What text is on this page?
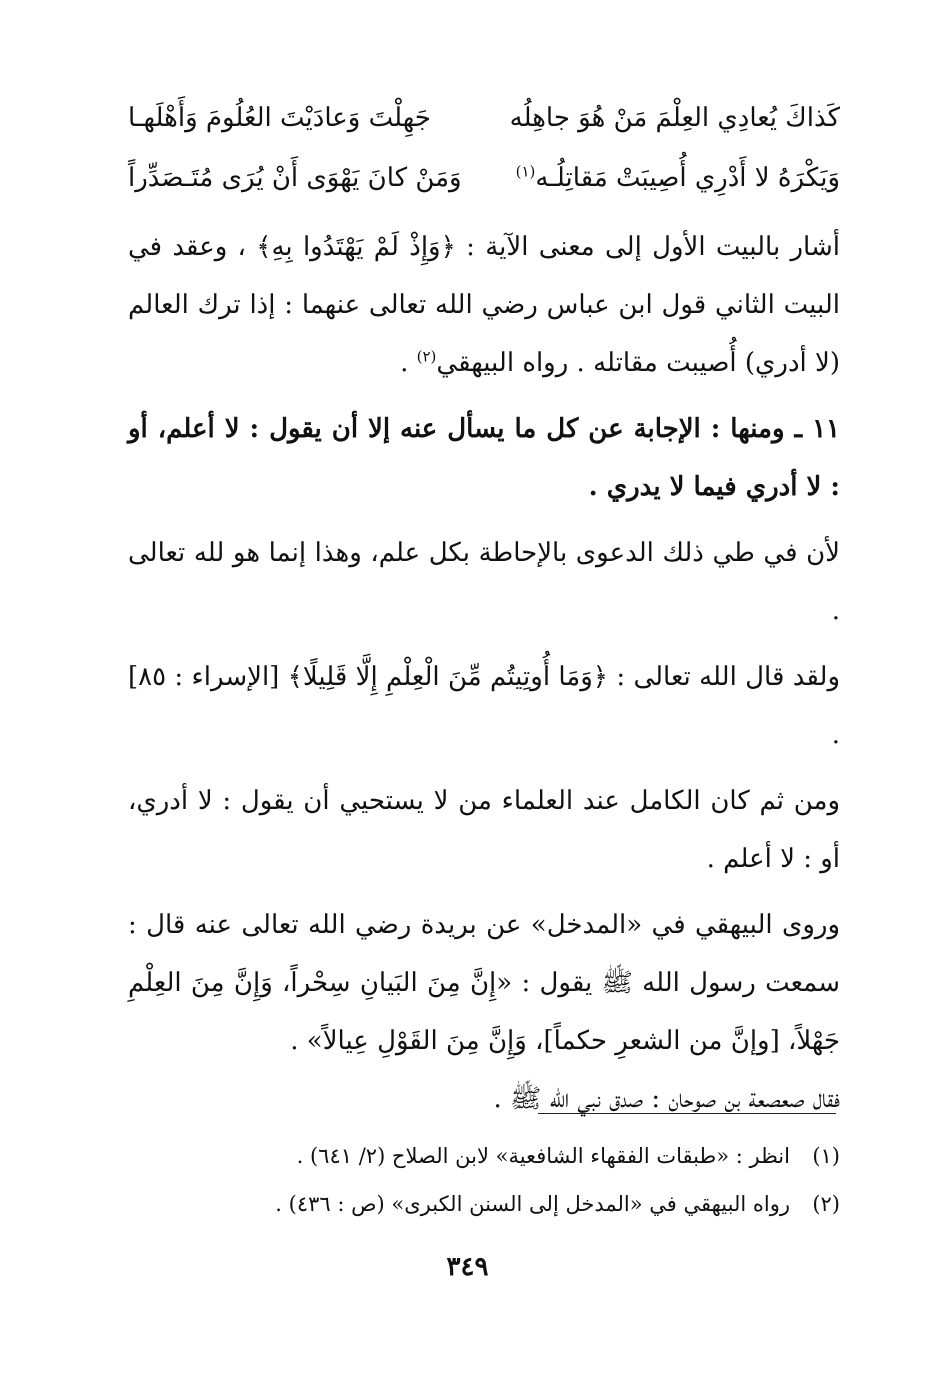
كَذاكَ يُعادِي العِلْمَ مَنْ هُوَ جاهِلُه
جَهِلْتَ وَعادَيْتَ العُلُومَ وَأَهْلَهـا
وَيَكْرَهُ لا أَدْرِي أُصِيبَتْ مَقاتِلُـه$^{(١)}$
وَمَنْ كانَ يَهْوَى أَنْ يُرَى مُتَـصَدِّراً

أشار بالبيت الأول إلى معنى الآية : ﴿وَإِذْ لَمْ يَهْتَدُوا بِهِ﴾ ، وعقد في البيت الثاني قول ابن عباس رضي الله تعالى عنهما : إذا ترك العالم (لا أدري) أُصيبت مقاتله . رواه البيهقي$^{(٢)}$ .

١١ ـ ومنها : الإجابة عن كل ما يسأل عنه إلا أن يقول : لا أعلم، أو : لا أدري فيما لا يدري .

لأن في طي ذلك الدعوى بالإحاطة بكل علم، وهذا إنما هو لله تعالى .

ولقد قال الله تعالى : ﴿وَمَا أُوتِيتُم مِّنَ الْعِلْمِ إِلَّا قَلِيلًا﴾ [الإسراء : ٨٥] .

ومن ثم كان الكامل عند العلماء من لا يستحيي أن يقول : لا أدري، أو : لا أعلم .

وروى البيهقي في «المدخل» عن بريدة رضي الله تعالى عنه قال : سمعت رسول الله ﷺ يقول : «إِنَّ مِنَ البَيانِ سِحْراً، وَإِنَّ مِنَ العِلْمِ جَهْلاً، [وإنَّ من الشعرِ حكماً]، وَإِنَّ مِنَ القَوْلِ عِيالاً» .

فقال صعصعة بن صوحان : صدق نبي الله ﷺ .

(١)
انظر : «طبقات الفقهاء الشافعية» لابن الصلاح (٢/ ٦٤١) .
(٢)
رواه البيهقي في «المدخل إلى السنن الكبرى» (ص : ٤٣٦) .
٣٤٩
